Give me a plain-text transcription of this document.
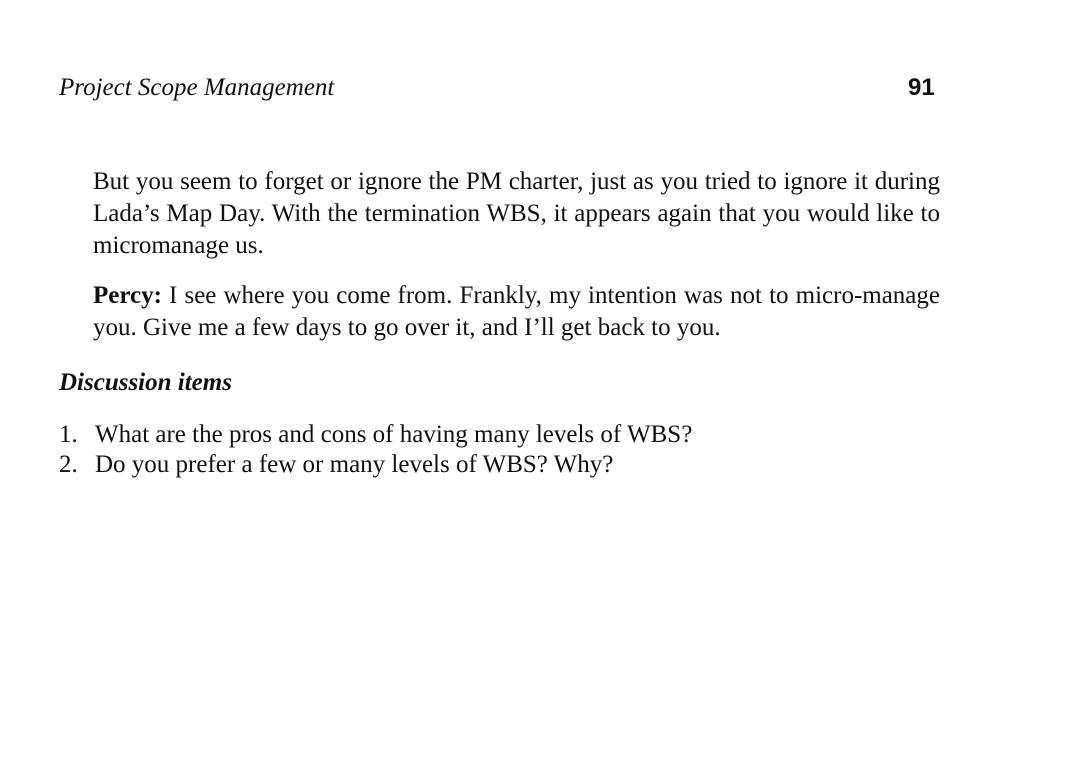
Project Scope Management	91
But you seem to forget or ignore the PM charter, just as you tried to ignore it during Lada’s Map Day. With the termination WBS, it appears again that you would like to micromanage us.
Percy: I see where you come from. Frankly, my intention was not to micro-manage you. Give me a few days to go over it, and I’ll get back to you.
Discussion items
1. What are the pros and cons of having many levels of WBS?
2. Do you prefer a few or many levels of WBS? Why?
